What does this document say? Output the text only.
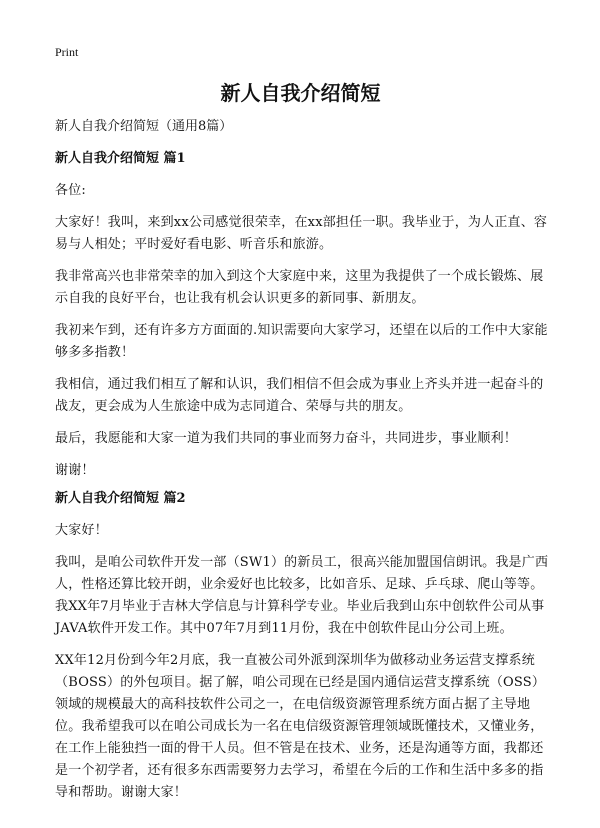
Print
新人自我介绍简短

新人自我介绍简短（通用8篇）

新人自我介绍简短 篇1

各位:

大家好！我叫，来到xx公司感觉很荣幸，在xx部担任一职。我毕业于，为人正直、容易与人相处；平时爱好看电影、听音乐和旅游。

我非常高兴也非常荣幸的加入到这个大家庭中来，这里为我提供了一个成长锻炼、展示自我的良好平台，也让我有机会认识更多的新同事、新朋友。

我初来乍到，还有许多方方面面的.知识需要向大家学习，还望在以后的工作中大家能够多多指教！

我相信，通过我们相互了解和认识，我们相信不但会成为事业上齐头并进一起奋斗的战友，更会成为人生旅途中成为志同道合、荣辱与共的朋友。

最后，我愿能和大家一道为我们共同的事业而努力奋斗，共同进步，事业顺利！

谢谢！

新人自我介绍简短 篇2

大家好！

我叫，是咱公司软件开发一部（SW1）的新员工，很高兴能加盟国信朗讯。我是广西人，性格还算比较开朗，业余爱好也比较多，比如音乐、足球、乒乓球、爬山等等。我XX年7月毕业于吉林大学信息与计算科学专业。毕业后我到山东中创软件公司从事JAVA软件开发工作。其中07年7月到11月份，我在中创软件昆山分公司上班。

XX年12月份到今年2月底，我一直被公司外派到深圳华为做移动业务运营支撑系统（BOSS）的外包项目。据了解，咱公司现在已经是国内通信运营支撑系统（OSS）领域的规模最大的高科技软件公司之一，在电信级资源管理系统方面占据了主导地位。我希望我可以在咱公司成长为一名在电信级资源管理领域既懂技术，又懂业务，在工作上能独挡一面的骨干人员。但不管是在技术、业务，还是沟通等方面，我都还是一个初学者，还有很多东西需要努力去学习，希望在今后的工作和生活中多多的指导和帮助。谢谢大家！
